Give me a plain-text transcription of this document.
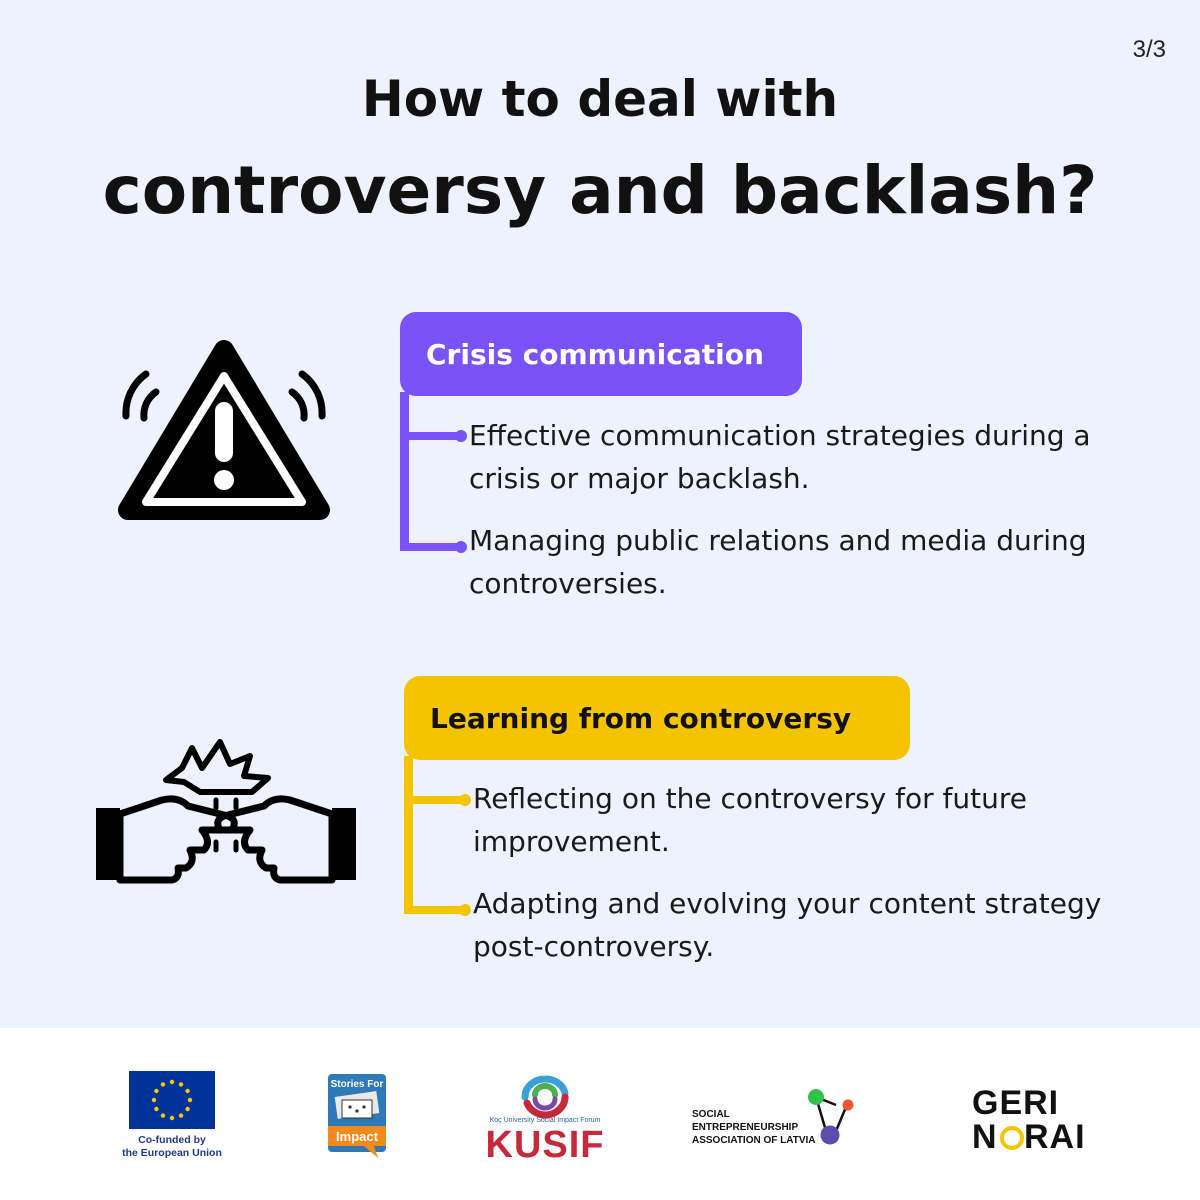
3/3
How to deal with
controversy and backlash?
Crisis communication
Effective communication strategies during a crisis or major backlash.
Managing public relations and media during controversies.
Learning from controversy
Reflecting on the controversy for future improvement.
Adapting and evolving your content strategy post-controversy.
Co-funded by
the European Union
Stories For
Impact
Koç University Social Impact Forum
KUSIF
SOCIAL
ENTREPRENEURSHIP
ASSOCIATION OF LATVIA
GERI
N RAI
